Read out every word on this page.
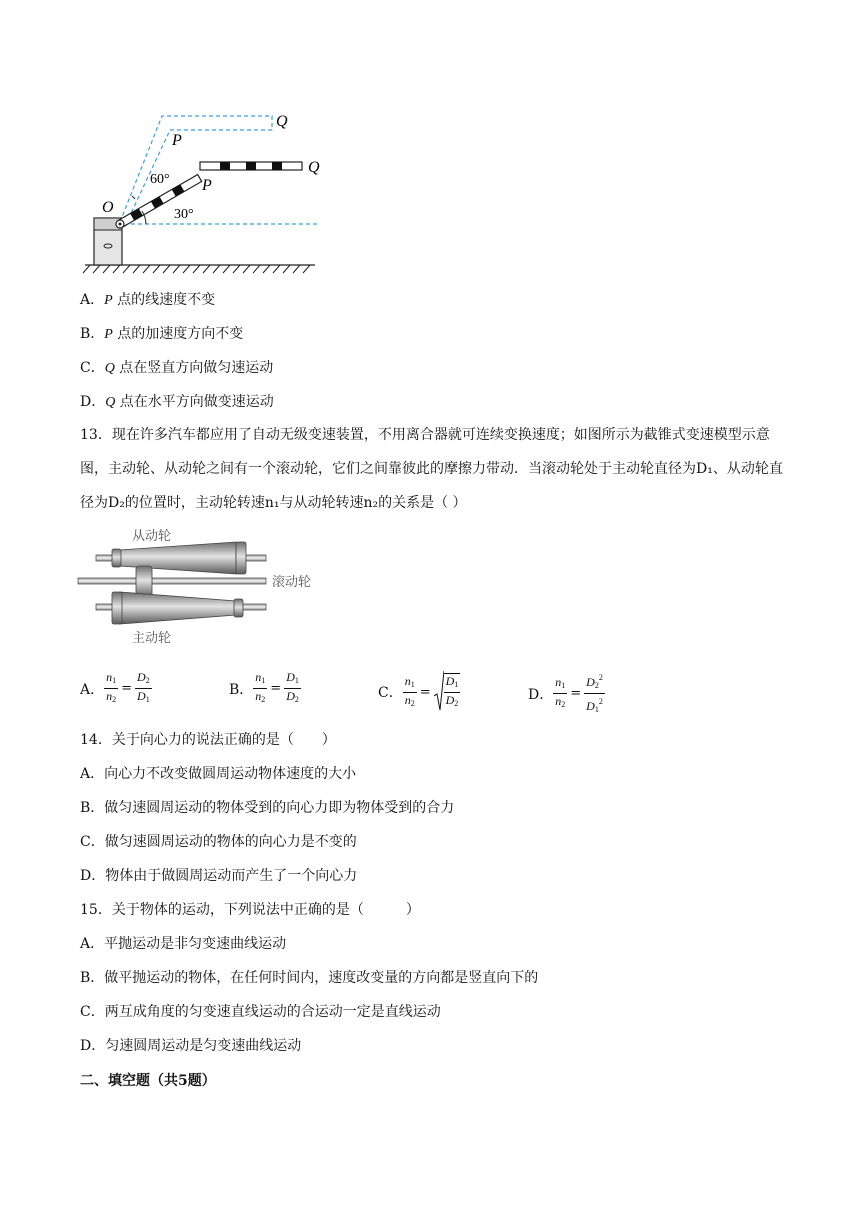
O
P
Q
P
Q
60°
30°
A．P 点的线速度不变
B．P 点的加速度方向不变
C．Q 点在竖直方向做匀速运动
D．Q 点在水平方向做变速运动
13．现在许多汽车都应用了自动无级变速装置，不用离合器就可连续变换速度；如图所示为截锥式变速模型示意图，主动轮、从动轮之间有一个滚动轮，它们之间靠彼此的摩擦力带动．当滚动轮处于主动轮直径为D₁、从动轮直径为D₂的位置时，主动轮转速n₁与从动轮转速n₂的关系是（ ）
从动轮
滚动轮
主动轮
A． $\frac{n_1}{n_2} = \frac{D_2}{D_1}$	B． $\frac{n_1}{n_2} = \frac{D_1}{D_2}$	C． $\frac{n_1}{n_2} = \frac{D_1}{D_2}$	D． $\frac{n_1}{n_2} = \frac{D_2^2}{D_1^2}$
14．关于向心力的说法正确的是（　　）
A．向心力不改变做圆周运动物体速度的大小
B．做匀速圆周运动的物体受到的向心力即为物体受到的合力
C．做匀速圆周运动的物体的向心力是不变的
D．物体由于做圆周运动而产生了一个向心力
15．关于物体的运动，下列说法中正确的是（　　　）
A．平抛运动是非匀变速曲线运动
B．做平抛运动的物体，在任何时间内，速度改变量的方向都是竖直向下的
C．两互成角度的匀变速直线运动的合运动一定是直线运动
D．匀速圆周运动是匀变速曲线运动
二、填空题（共5题）
